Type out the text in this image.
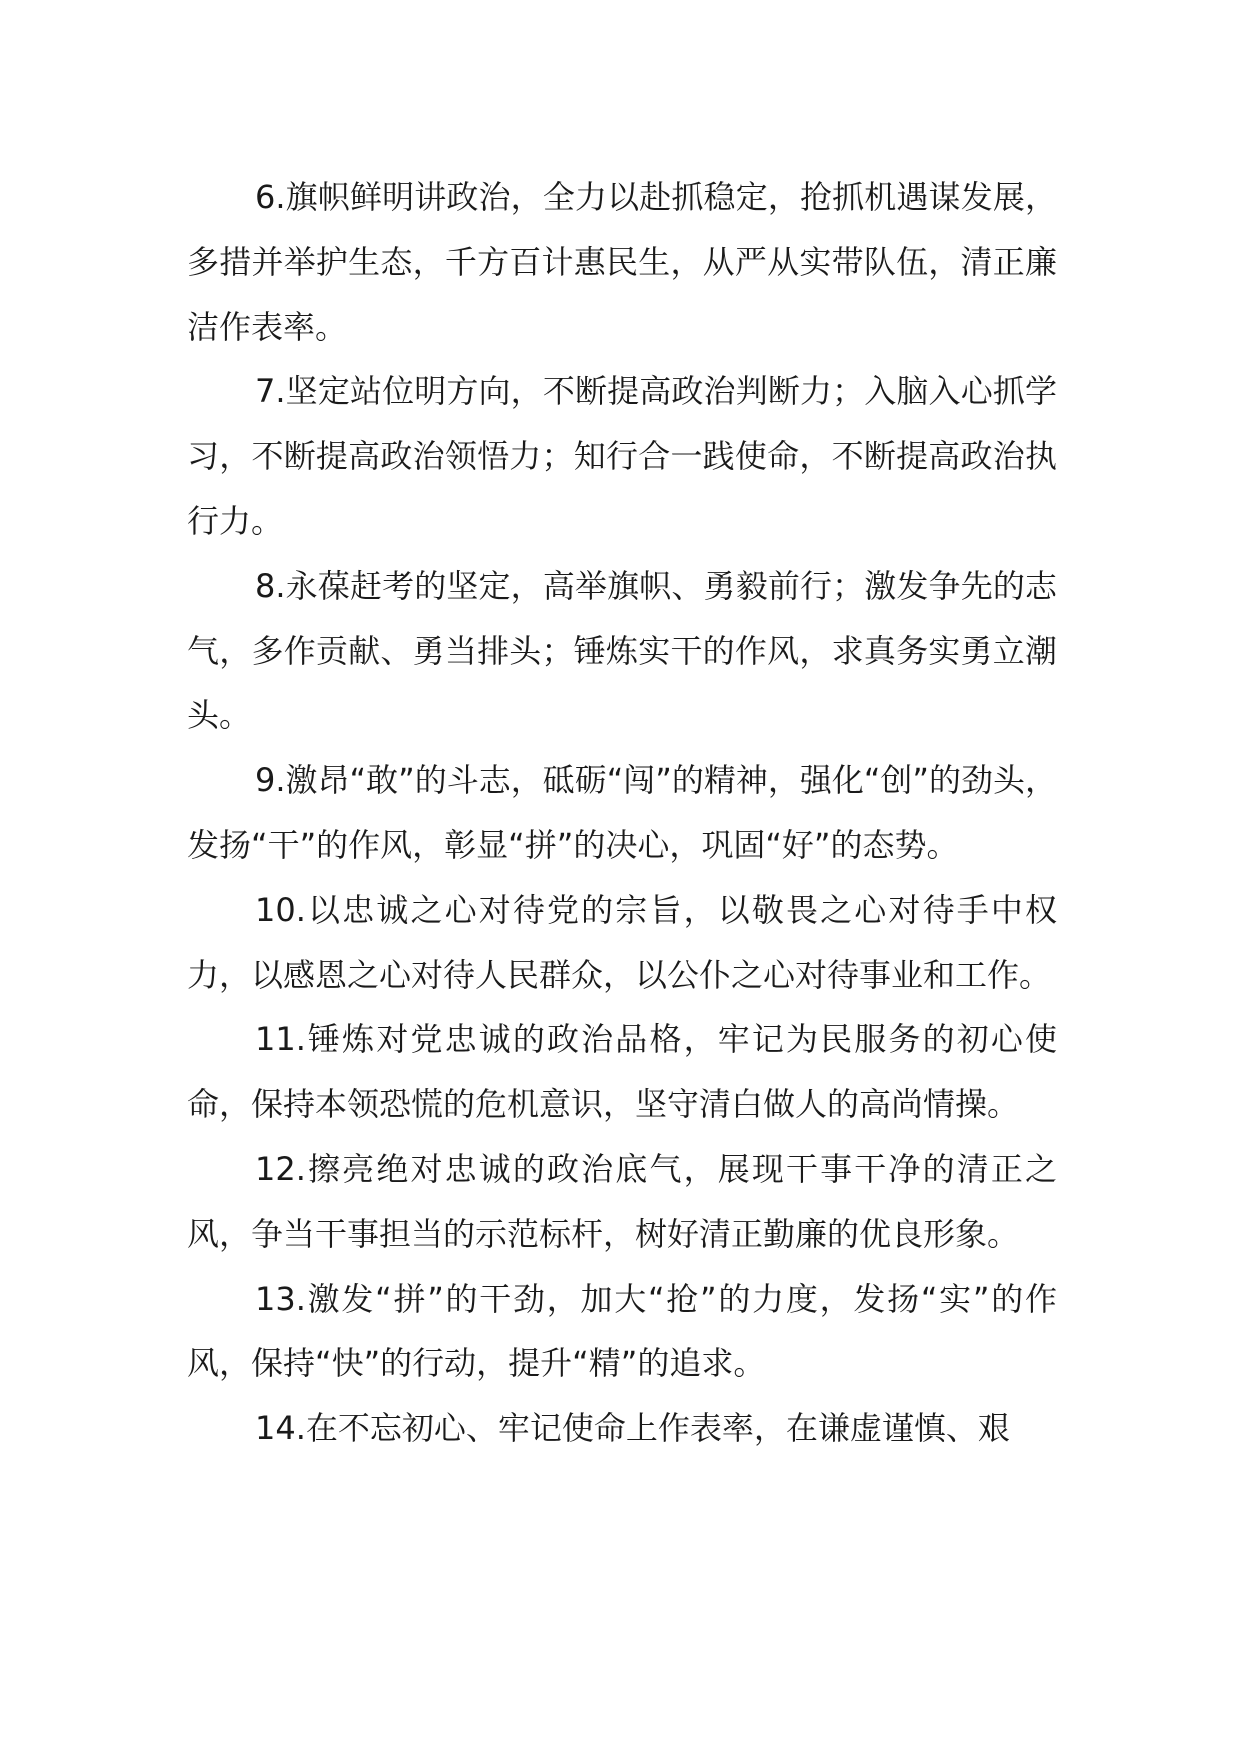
6.旗帜鲜明讲政治，全力以赴抓稳定，抢抓机遇谋发展，多措并举护生态，千方百计惠民生，从严从实带队伍，清正廉洁作表率。

7.坚定站位明方向，不断提高政治判断力；入脑入心抓学习，不断提高政治领悟力；知行合一践使命，不断提高政治执行力。

8.永葆赶考的坚定，高举旗帜、勇毅前行；激发争先的志气，多作贡献、勇当排头；锤炼实干的作风，求真务实勇立潮头。

9.激昂“敢”的斗志，砥砺“闯”的精神，强化“创”的劲头，发扬“干”的作风，彰显“拼”的决心，巩固“好”的态势。

10.以忠诚之心对待党的宗旨，以敬畏之心对待手中权力，以感恩之心对待人民群众，以公仆之心对待事业和工作。

11.锤炼对党忠诚的政治品格，牢记为民服务的初心使命，保持本领恐慌的危机意识，坚守清白做人的高尚情操。

12.擦亮绝对忠诚的政治底气，展现干事干净的清正之风，争当干事担当的示范标杆，树好清正勤廉的优良形象。

13.激发“拼”的干劲，加大“抢”的力度，发扬“实”的作风，保持“快”的行动，提升“精”的追求。

14.在不忘初心、牢记使命上作表率，在谦虚谨慎、艰
